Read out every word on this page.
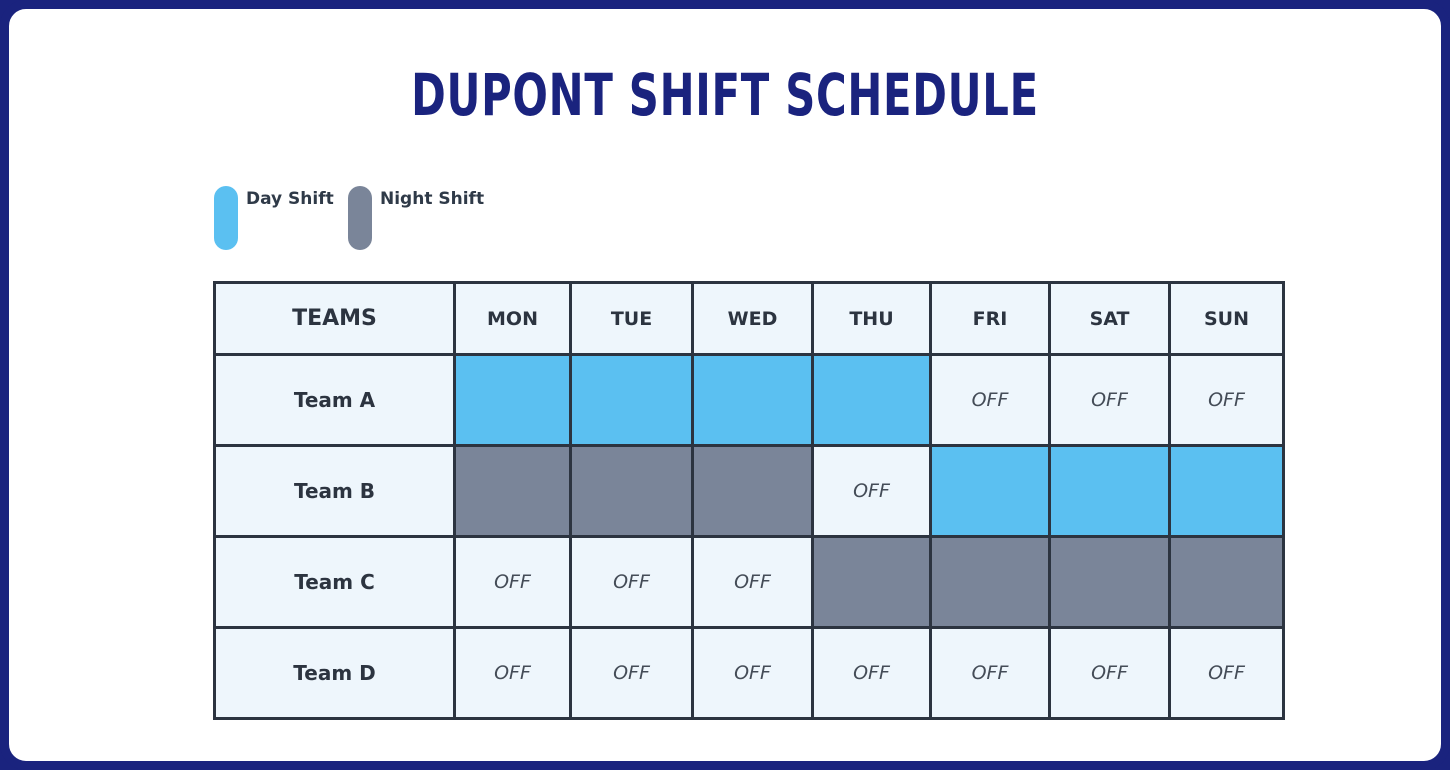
DUPONT SHIFT SCHEDULE
Day Shift	Night Shift
TEAMS	MON	TUE	WED	THU	FRI	SAT	SUN
Team A					OFF	OFF	OFF
Team B				OFF			
Team C	OFF	OFF	OFF				
Team D	OFF	OFF	OFF	OFF	OFF	OFF	OFF
